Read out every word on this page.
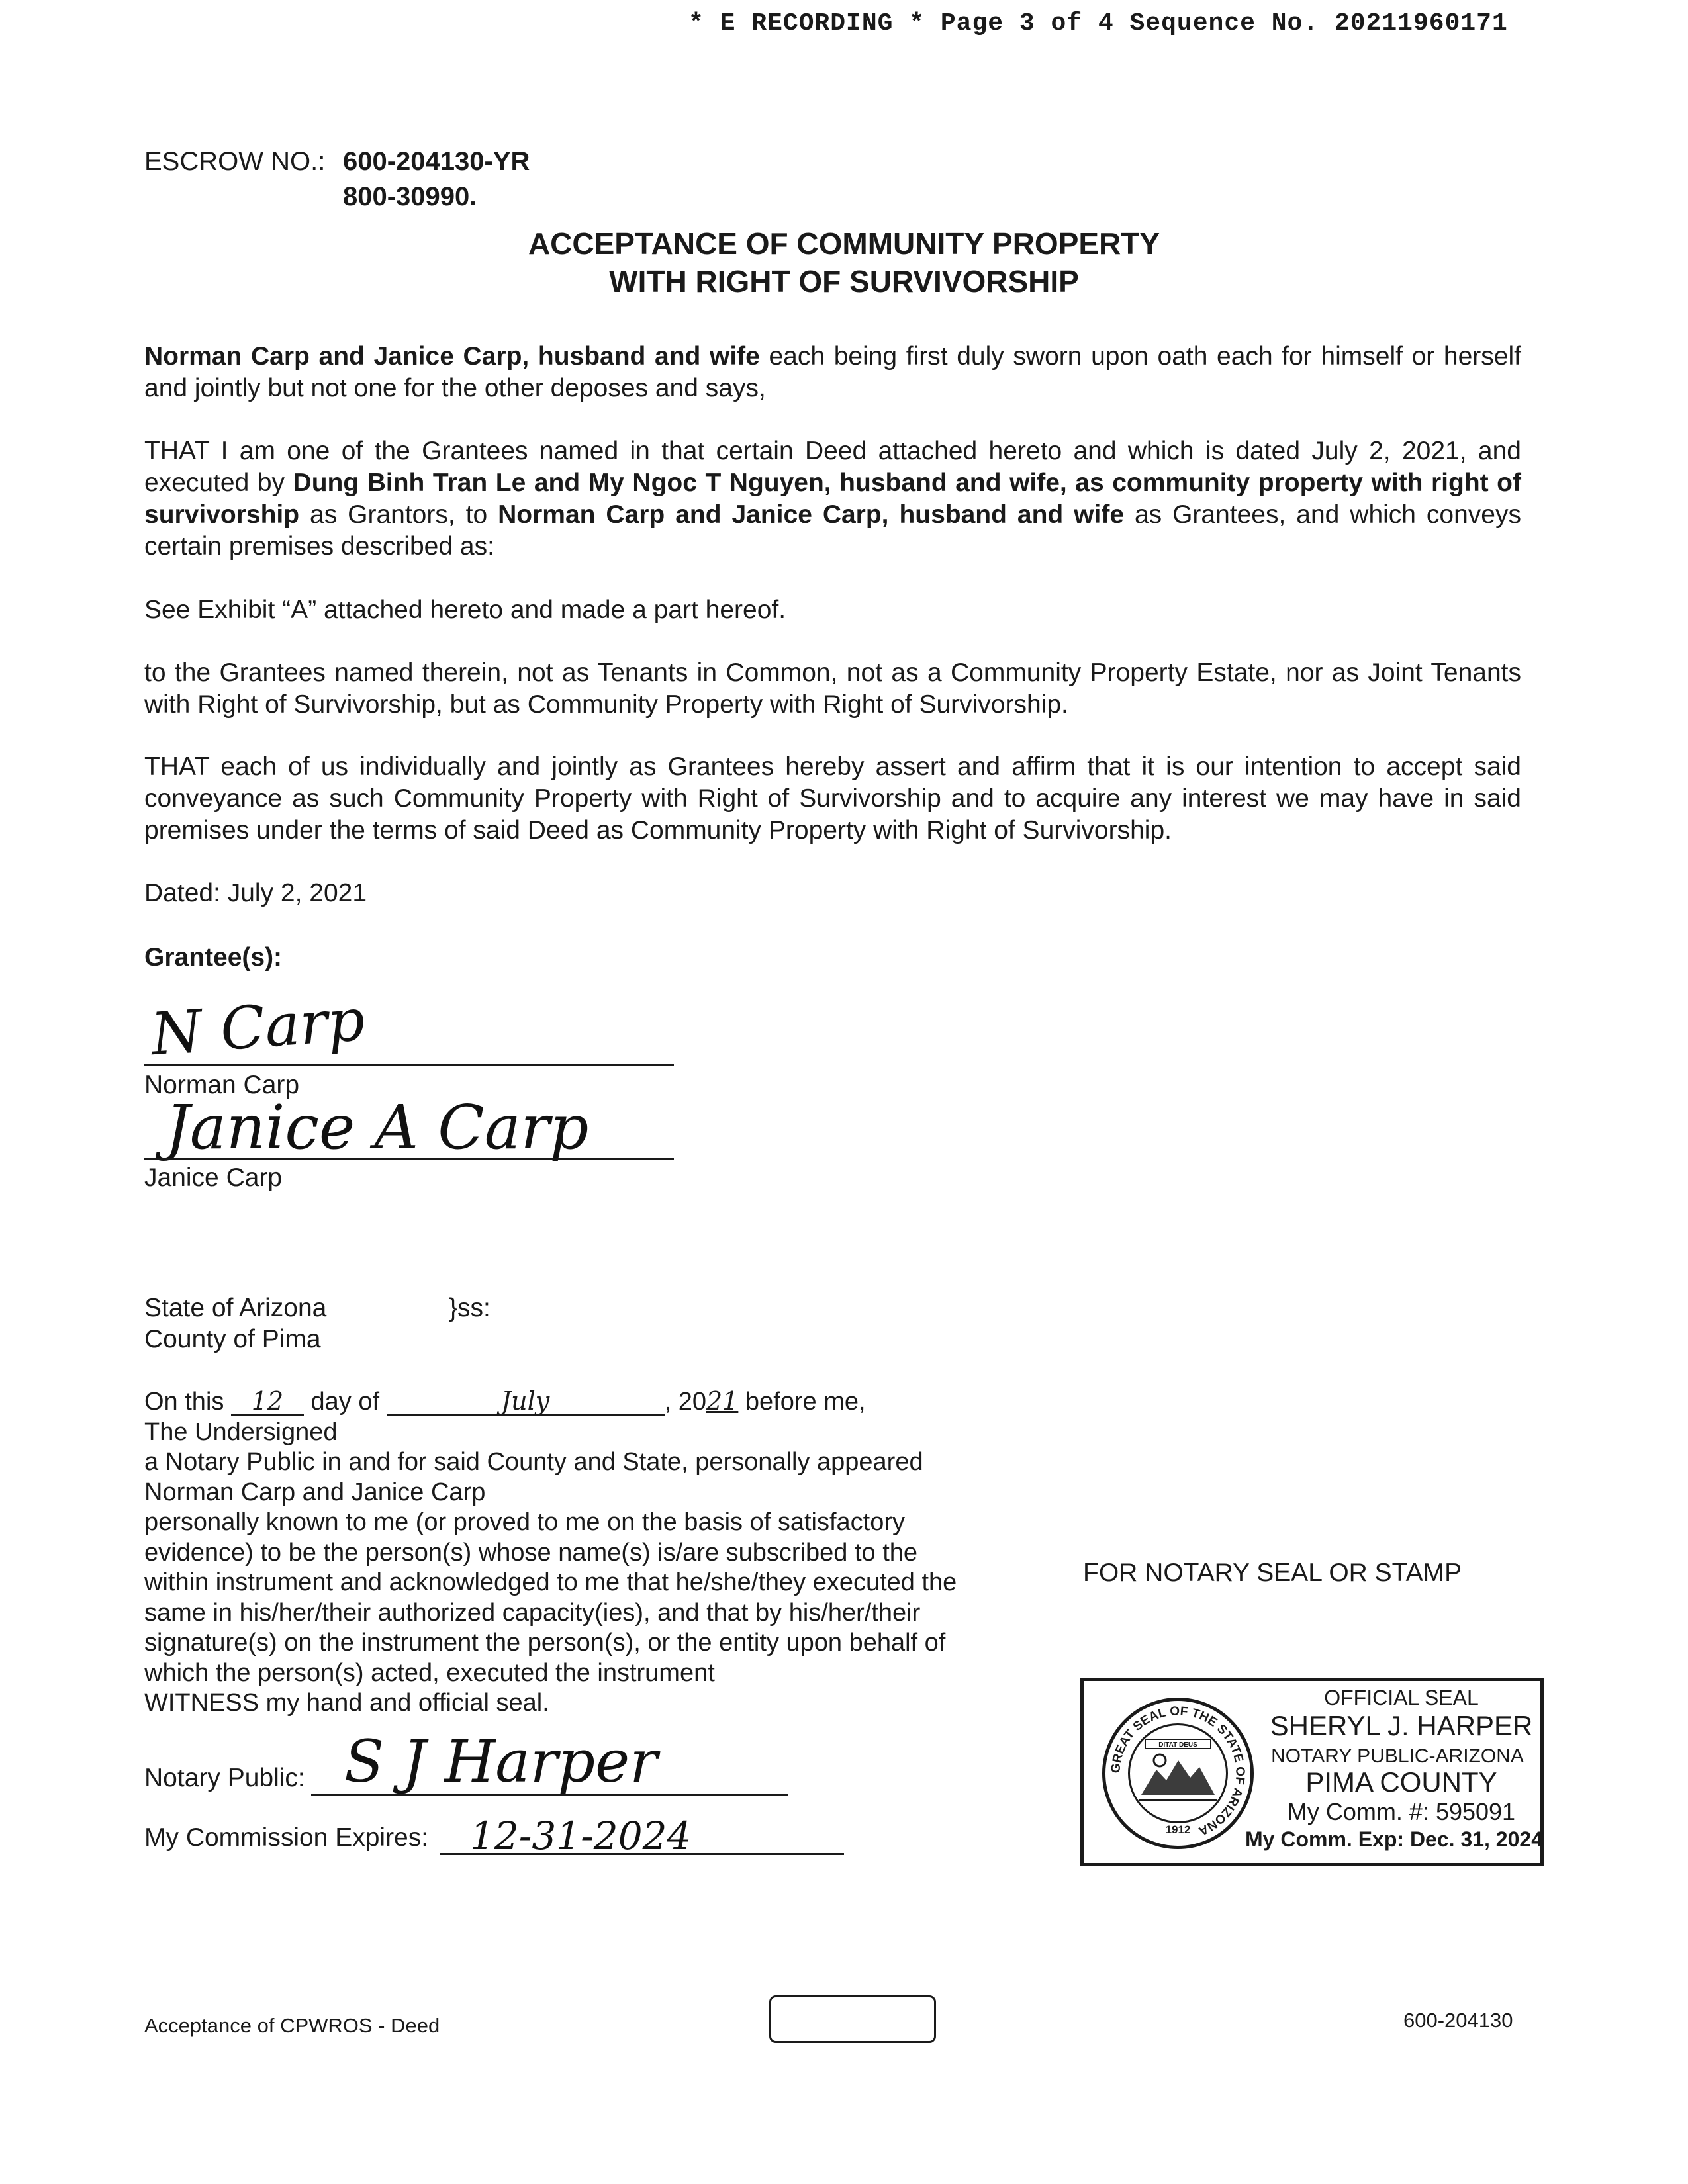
* E RECORDING * Page 3 of 4 Sequence No. 20211960171
ESCROW NO.: 600-204130-YR
800-30990.
ACCEPTANCE OF COMMUNITY PROPERTY
WITH RIGHT OF SURVIVORSHIP
Norman Carp and Janice Carp, husband and wife each being first duly sworn upon oath each for himself or herself and jointly but not one for the other deposes and says,
THAT I am one of the Grantees named in that certain Deed attached hereto and which is dated July 2, 2021, and executed by Dung Binh Tran Le and My Ngoc T Nguyen, husband and wife, as community property with right of survivorship as Grantors, to Norman Carp and Janice Carp, husband and wife as Grantees, and which conveys certain premises described as:
See Exhibit “A” attached hereto and made a part hereof.
to the Grantees named therein, not as Tenants in Common, not as a Community Property Estate, nor as Joint Tenants with Right of Survivorship, but as Community Property with Right of Survivorship.
THAT each of us individually and jointly as Grantees hereby assert and affirm that it is our intention to accept said conveyance as such Community Property with Right of Survivorship and to acquire any interest we may have in said premises under the terms of said Deed as Community Property with Right of Survivorship.
Dated: July 2, 2021
Grantee(s):
N Carp
Norman Carp
Janice A Carp
Janice Carp
State of Arizona	}ss:
County of Pima
On this 12 day of	July	, 2021 before me,
The Undersigned
a Notary Public in and for said County and State, personally appeared
Norman Carp and Janice Carp
personally known to me (or proved to me on the basis of satisfactory
evidence) to be the person(s) whose name(s) is/are subscribed to the
within instrument and acknowledged to me that he/she/they executed the
same in his/her/their authorized capacity(ies), and that by his/her/their
signature(s) on the instrument the person(s), or the entity upon behalf of
which the person(s) acted, executed the instrument
WITNESS my hand and official seal.
Notary Public: S J Harper
My Commission Expires: 12-31-2024
FOR NOTARY SEAL OR STAMP
GREAT SEAL OF THE STATE OF ARIZONA
DITAT DEUS
1912
OFFICIAL SEAL
SHERYL J. HARPER
NOTARY PUBLIC-ARIZONA
PIMA COUNTY
My Comm. #: 595091
My Comm. Exp: Dec. 31, 2024
Acceptance of CPWROS - Deed	600-204130
